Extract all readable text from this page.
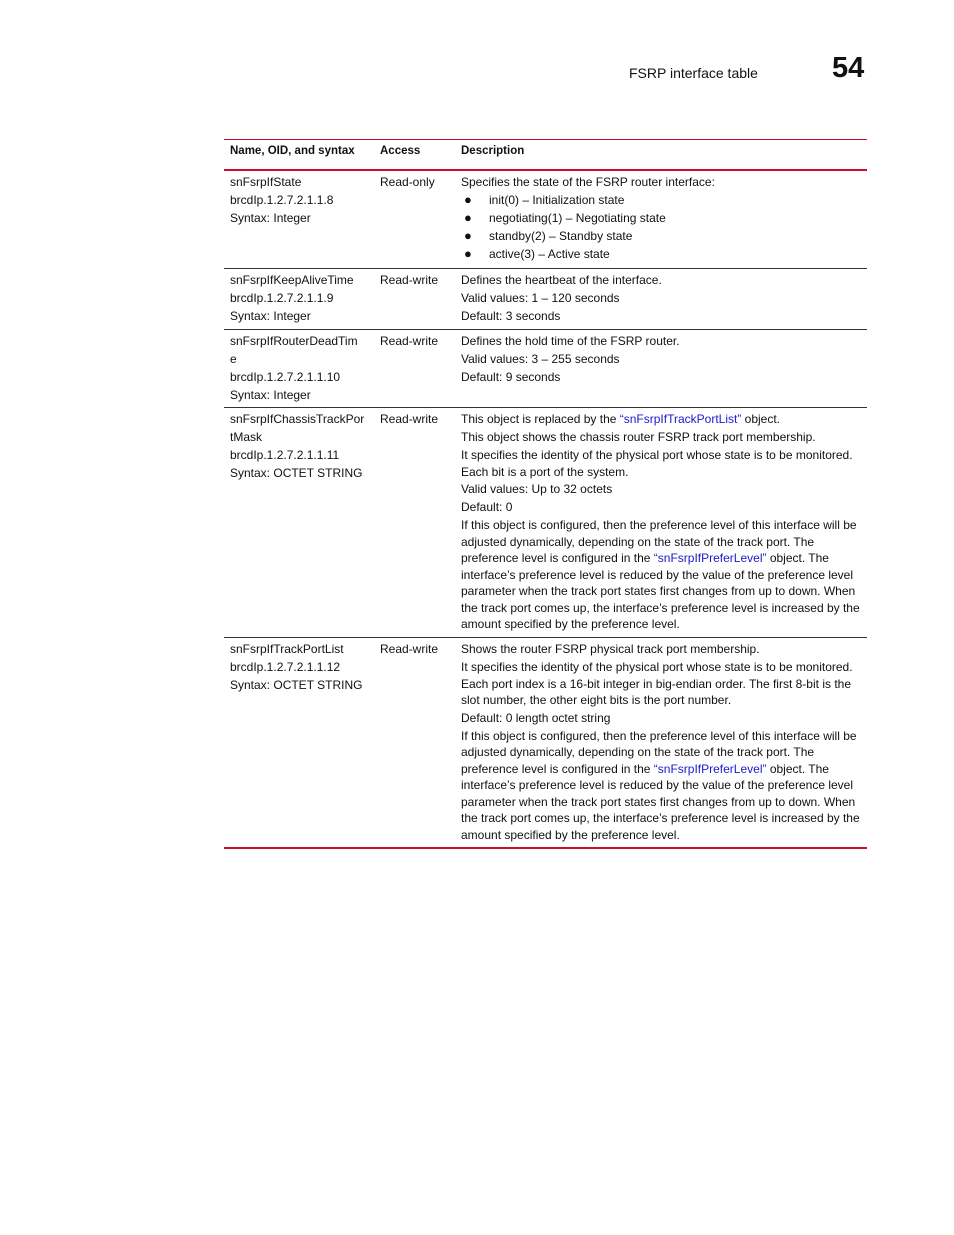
FSRP interface table	54
Name, OID, and syntax Access	Description
snFsrpIfState
brcdIp.1.2.7.2.1.1.8
Syntax: Integer
Read-only Specifies the state of the FSRP router interface:
● init(0) – Initialization state
● negotiating(1) – Negotiating state
● standby(2) – Standby state
● active(3) – Active state
snFsrpIfKeepAliveTime
brcdIp.1.2.7.2.1.1.9
Syntax: Integer
Read-write Defines the heartbeat of the interface.
Valid values: 1 – 120 seconds
Default: 3 seconds
snFsrpIfRouterDeadTim
e
brcdIp.1.2.7.2.1.1.10
Syntax: Integer
Read-write Defines the hold time of the FSRP router.
Valid values: 3 – 255 seconds
Default: 9 seconds
snFsrpIfChassisTrackPor
tMask
brcdIp.1.2.7.2.1.1.11
Syntax: OCTET STRING
Read-write This object is replaced by the “snFsrpIfTrackPortList” object.
This object shows the chassis router FSRP track port membership.
It specifies the identity of the physical port whose state is to be monitored. Each bit is a port of the system.
Valid values: Up to 32 octets
Default: 0
If this object is configured, then the preference level of this interface will be adjusted dynamically, depending on the state of the track port. The preference level is configured in the “snFsrpIfPreferLevel” object. The interface’s preference level is reduced by the value of the preference level parameter when the track port states first changes from up to down. When the track port comes up, the interface’s preference level is increased by the amount specified by the preference level.
snFsrpIfTrackPortList
brcdIp.1.2.7.2.1.1.12
Syntax: OCTET STRING
Read-write Shows the router FSRP physical track port membership.
It specifies the identity of the physical port whose state is to be monitored. Each port index is a 16-bit integer in big-endian order. The first 8-bit is the slot number, the other eight bits is the port number.
Default: 0 length octet string
If this object is configured, then the preference level of this interface will be adjusted dynamically, depending on the state of the track port. The preference level is configured in the “snFsrpIfPreferLevel” object. The interface’s preference level is reduced by the value of the preference level parameter when the track port states first changes from up to down. When the track port comes up, the interface’s preference level is increased by the amount specified by the preference level.
